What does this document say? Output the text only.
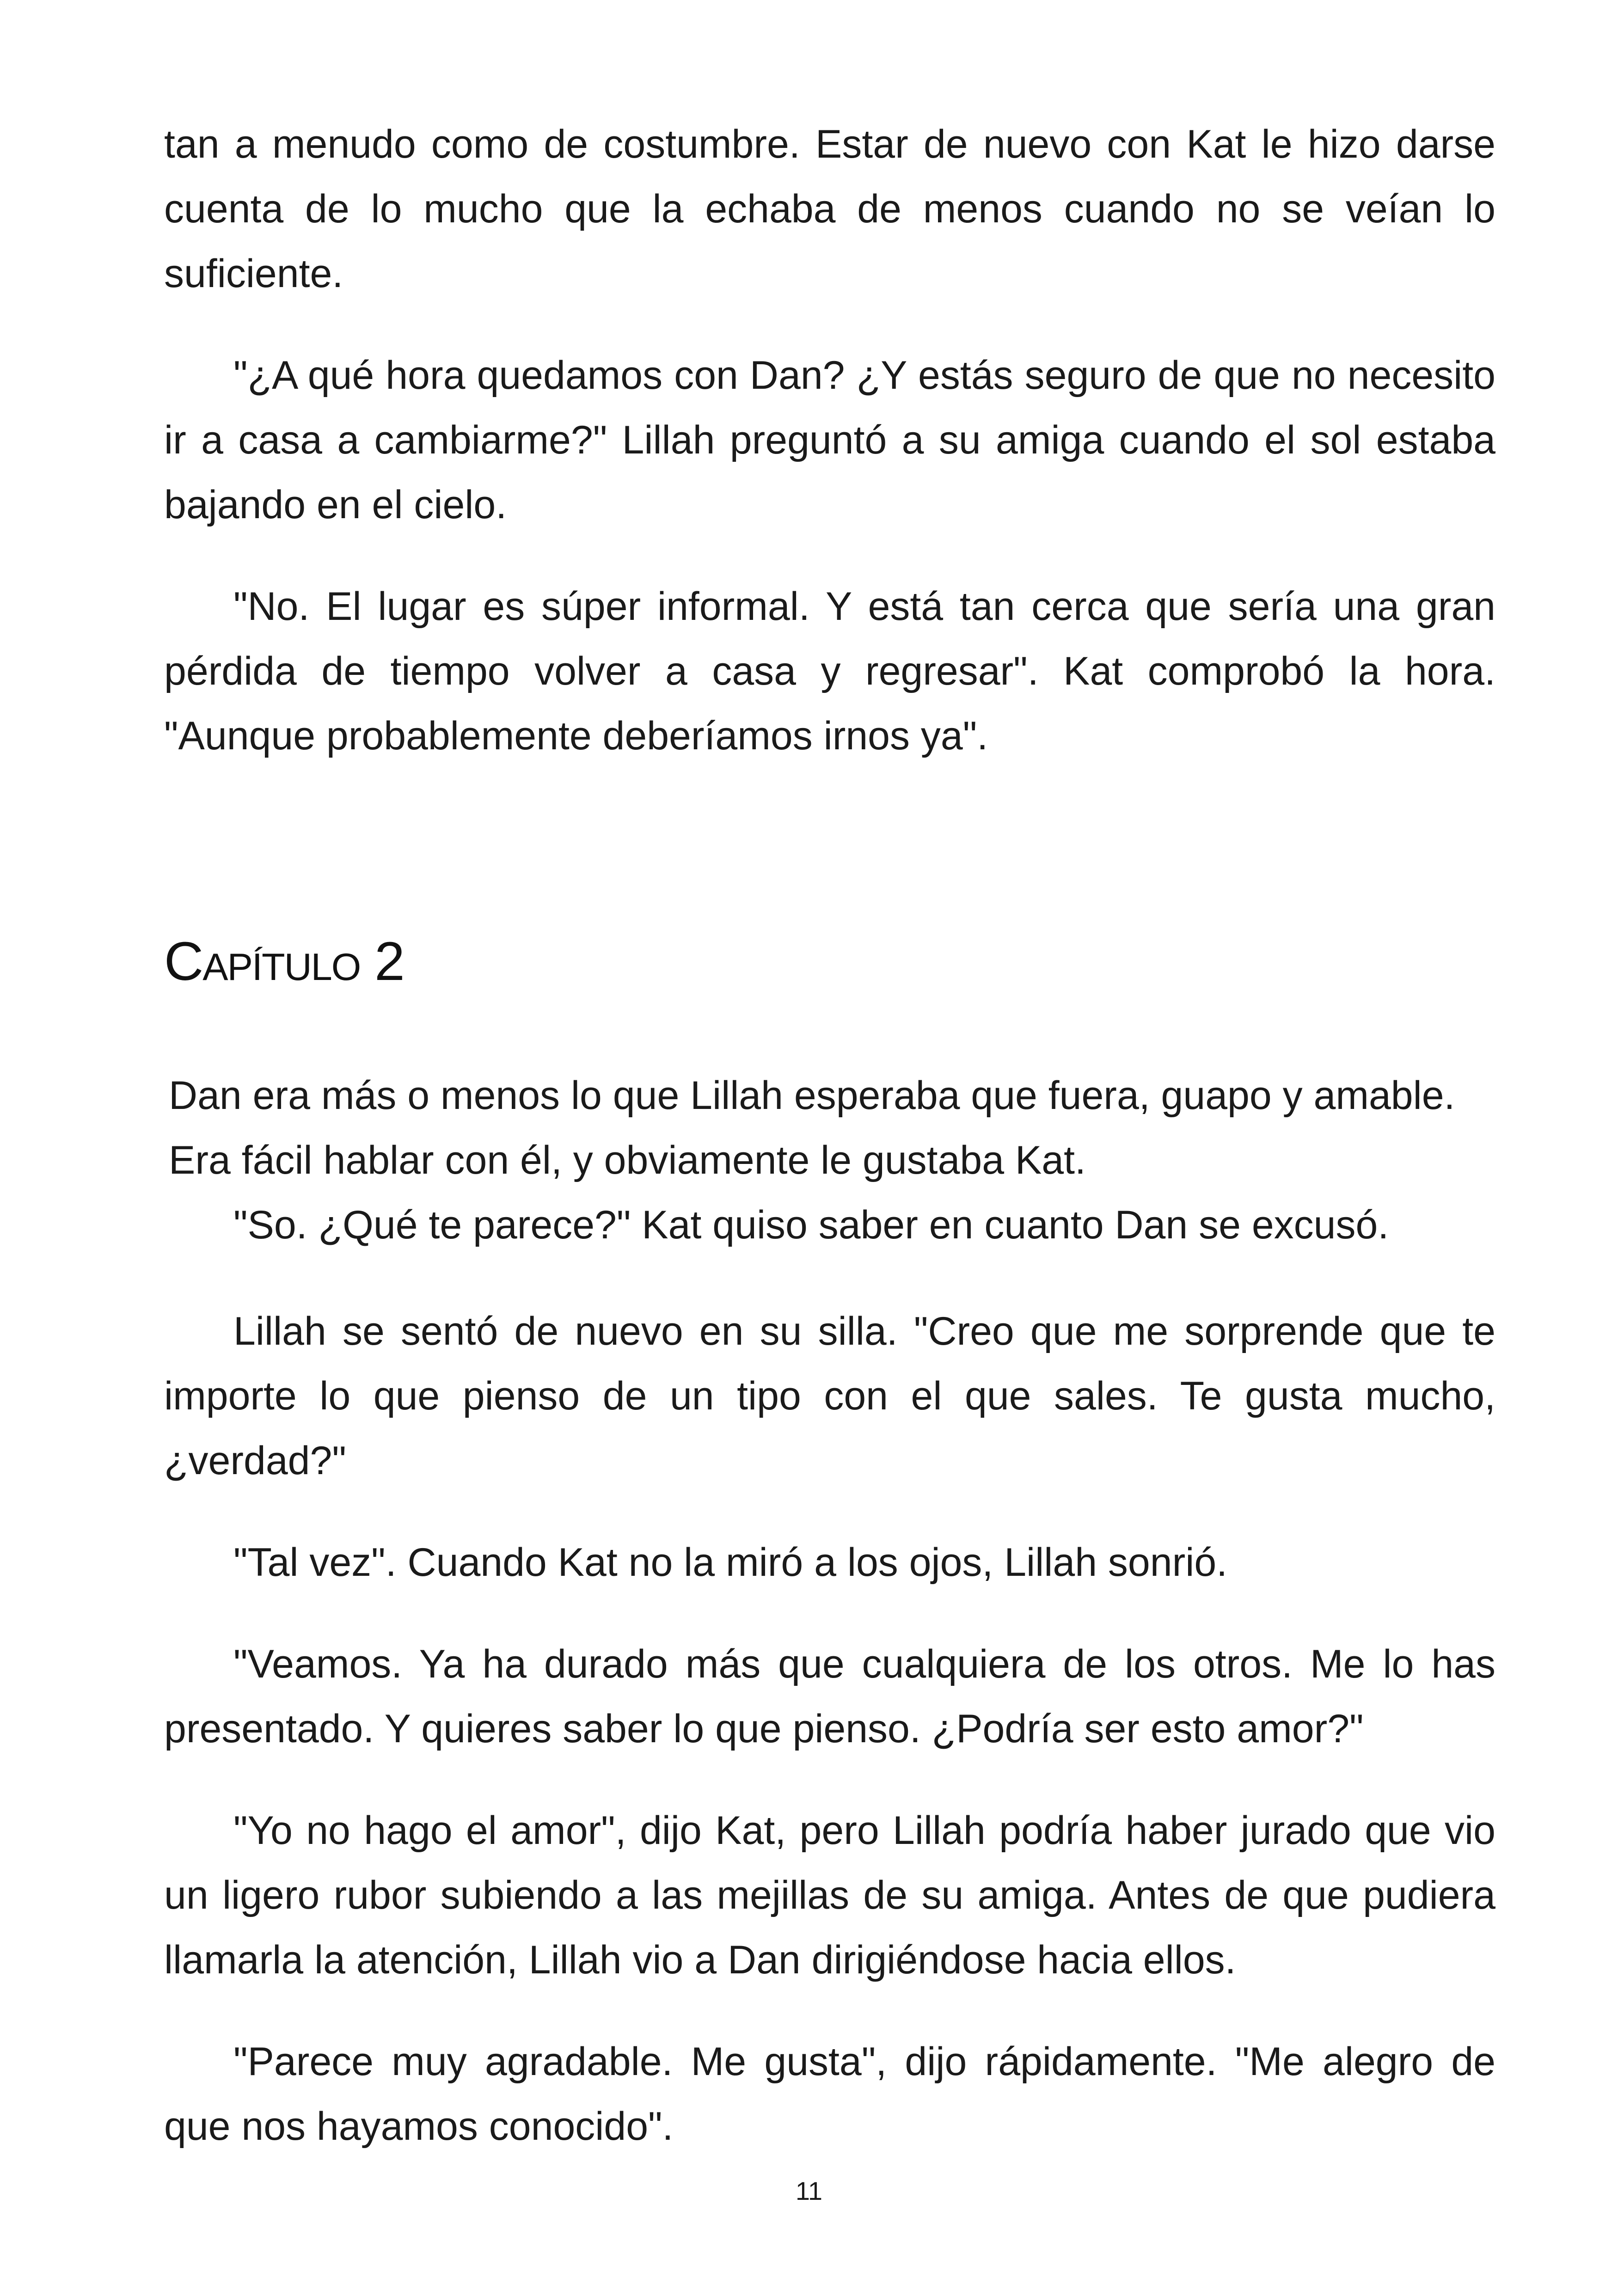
tan a menudo como de costumbre. Estar de nuevo con Kat le hizo darse cuenta de lo mucho que la echaba de menos cuando no se veían lo suficiente.

"¿A qué hora quedamos con Dan? ¿Y estás seguro de que no necesito ir a casa a cambiarme?" Lillah preguntó a su amiga cuando el sol estaba bajando en el cielo.

"No. El lugar es súper informal. Y está tan cerca que sería una gran pérdida de tiempo volver a casa y regresar". Kat comprobó la hora. "Aunque probablemente deberíamos irnos ya".

Capítulo 2

Dan era más o menos lo que Lillah esperaba que fuera, guapo y amable.

Era fácil hablar con él, y obviamente le gustaba Kat.

"So. ¿Qué te parece?" Kat quiso saber en cuanto Dan se excusó.

Lillah se sentó de nuevo en su silla. "Creo que me sorprende que te importe lo que pienso de un tipo con el que sales. Te gusta mucho, ¿verdad?"

"Tal vez". Cuando Kat no la miró a los ojos, Lillah sonrió.

"Veamos. Ya ha durado más que cualquiera de los otros. Me lo has presentado. Y quieres saber lo que pienso. ¿Podría ser esto amor?"

"Yo no hago el amor", dijo Kat, pero Lillah podría haber jurado que vio un ligero rubor subiendo a las mejillas de su amiga. Antes de que pudiera llamarla la atención, Lillah vio a Dan dirigiéndose hacia ellos.

"Parece muy agradable. Me gusta", dijo rápidamente. "Me alegro de que nos hayamos conocido".

11
